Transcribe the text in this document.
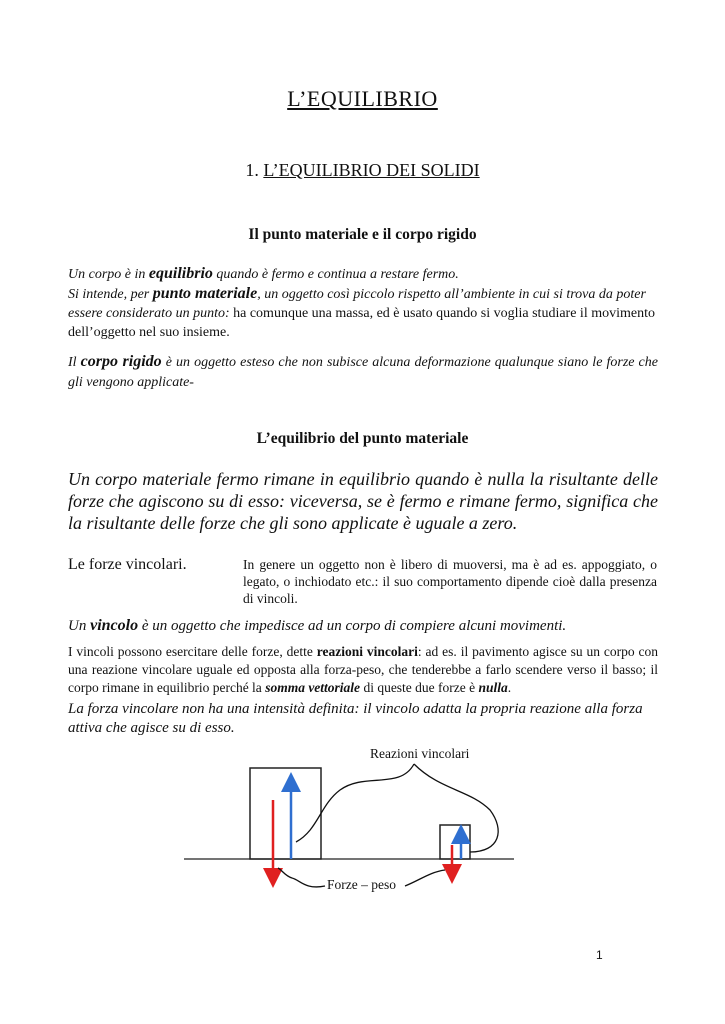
L’EQUILIBRIO
1. L’EQUILIBRIO DEI SOLIDI
Il punto materiale e il corpo rigido
Un corpo è in equilibrio quando è fermo e continua a restare fermo.
Si intende, per punto materiale, un oggetto così piccolo rispetto all’ambiente in cui si trova da poter
essere considerato un punto: ha comunque una massa, ed è usato quando si voglia studiare il movimento dell’oggetto nel suo insieme.
Il corpo rigido è un oggetto esteso che non subisce alcuna deformazione qualunque siano le forze che gli vengono applicate-
L’equilibrio del punto materiale
Un corpo materiale fermo rimane in equilibrio quando è nulla la risultante delle forze che agiscono su di esso: viceversa, se è fermo e rimane fermo, significa che la risultante delle forze che gli sono applicate è uguale a zero.
Le forze vincolari.	In genere un oggetto non è libero di muoversi, ma è ad es. appoggiato, o legato, o inchiodato etc.: il suo comportamento dipende cioè dalla presenza di vincoli.
Un vincolo è un oggetto che impedisce ad un corpo di compiere alcuni movimenti.
I vincoli possono esercitare delle forze, dette reazioni vincolari: ad es. il pavimento agisce su un corpo con una reazione vincolare uguale ed opposta alla forza-peso, che tenderebbe a farlo scendere verso il basso; il corpo rimane in equilibrio perché la somma vettoriale di queste due forze è nulla.
La forza vincolare non ha una intensità definita: il vincolo adatta la propria reazione alla forza attiva che agisce su di esso.
Reazioni vincolari
Forze – peso
1
